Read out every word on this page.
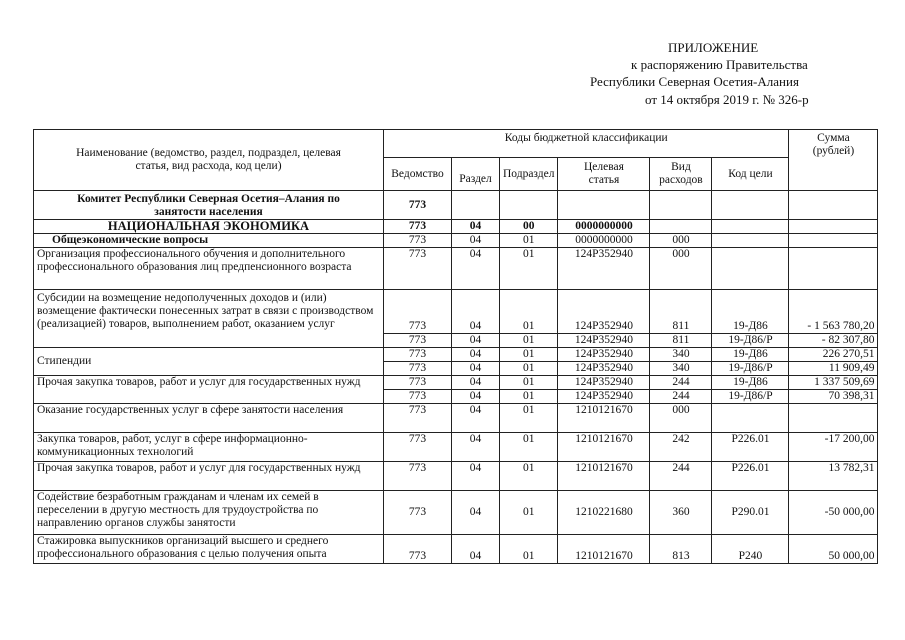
ПРИЛОЖЕНИЕ
к распоряжению Правительства
Республики Северная Осетия-Алания
от 14 октября 2019 г. № 326-р
Наименование (ведомство, раздел, подраздел, целевая статья, вид расхода, код цели)	Коды бюджетной классификации						Сумма (рублей)
	Ведомство	Раздел	Подраздел	Целевая статья	Вид расходов	Код цели	
Комитет Республики Северная Осетия–Алания по занятости населения	773						
НАЦИОНАЛЬНАЯ ЭКОНОМИКА	773	04	00	0000000000			
Общеэкономические вопросы	773	04	01	0000000000	000		
Организация профессионального обучения и дополнительного профессионального образования лиц предпенсионного возраста	773	04	01	124P352940	000		
Субсидии на возмещение недополученных доходов и (или) возмещение фактически понесенных затрат в связи с производством (реализацией) товаров, выполнением работ, оказанием услуг	773	04	01	124P352940	811	19-Д86	- 1 563 780,20
	773	04	01	124P352940	811	19-Д86/Р	- 82 307,80
Стипендии	773	04	01	124P352940	340	19-Д86	226 270,51
	773	04	01	124P352940	340	19-Д86/Р	11 909,49
Прочая закупка товаров, работ и услуг для государственных нужд	773	04	01	124P352940	244	19-Д86	1 337 509,69
	773	04	01	124P352940	244	19-Д86/Р	70 398,31
Оказание государственных услуг в сфере занятости населения	773	04	01	1210121670	000		
Закупка товаров, работ, услуг в сфере информационно-коммуникационных технологий	773	04	01	1210121670	242	Р226.01	-17 200,00
Прочая закупка товаров, работ и услуг для государственных нужд	773	04	01	1210121670	244	Р226.01	13 782,31
Содействие безработным гражданам и членам их семей в переселении в другую местность для трудоустройства по направлению органов службы занятости	773	04	01	1210221680	360	Р290.01	-50 000,00
Стажировка выпускников организаций высшего и среднего профессионального образования с целью получения опыта	773	04	01	1210121670	813	Р240	50 000,00
